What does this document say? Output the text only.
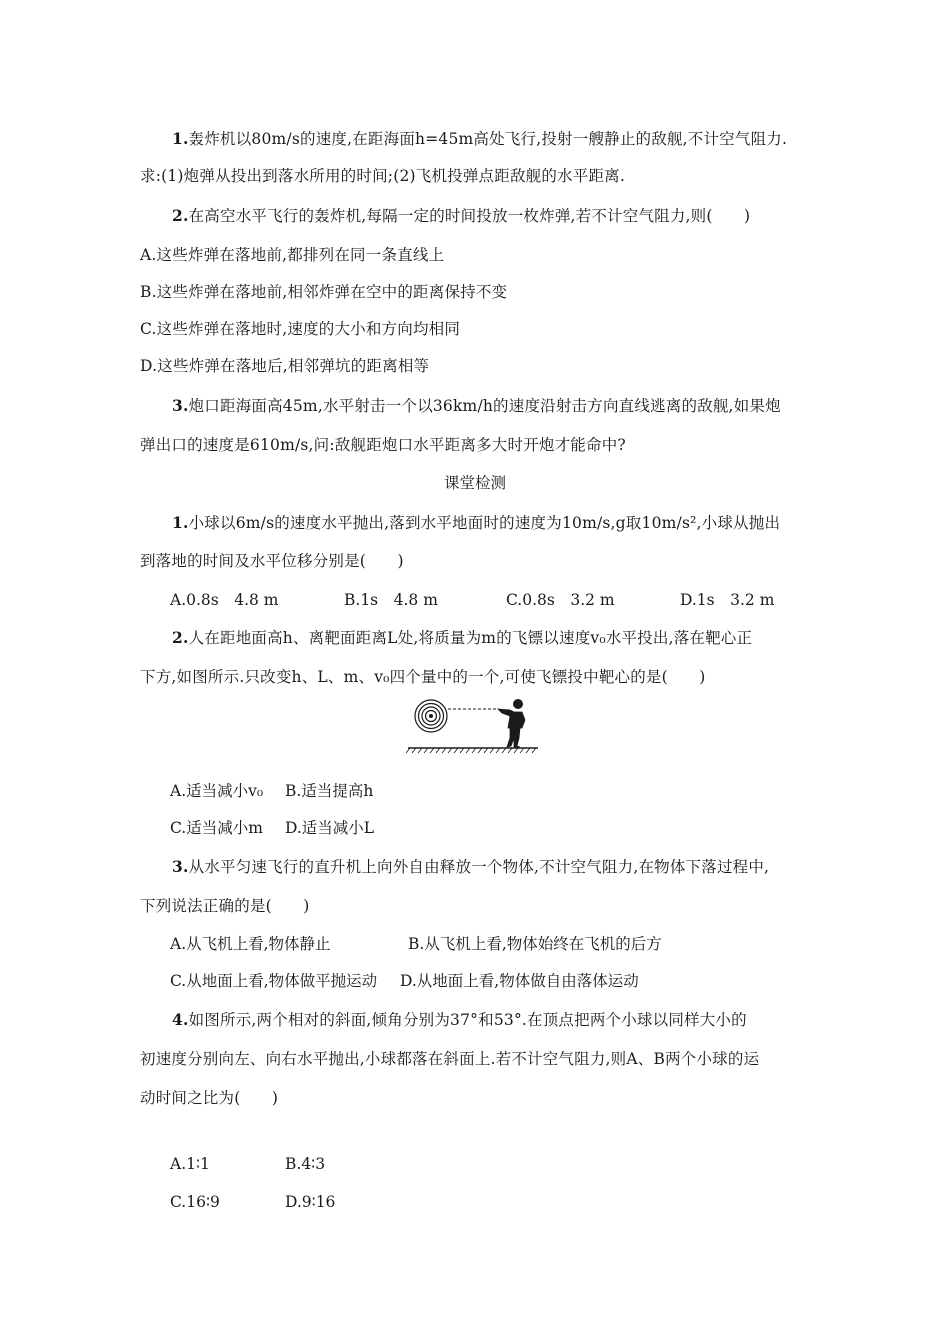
1.轰炸机以80m/s的速度,在距海面h=45m高处飞行,投射一艘静止的敌舰,不计空气阻力.
求:(1)炮弹从投出到落水所用的时间;(2)飞机投弹点距敌舰的水平距离.
2.在高空水平飞行的轰炸机,每隔一定的时间投放一枚炸弹,若不计空气阻力,则(　　)
A.这些炸弹在落地前,都排列在同一条直线上
B.这些炸弹在落地前,相邻炸弹在空中的距离保持不变
C.这些炸弹在落地时,速度的大小和方向均相同
D.这些炸弹在落地后,相邻弹坑的距离相等
3.炮口距海面高45m,水平射击一个以36km/h的速度沿射击方向直线逃离的敌舰,如果炮
弹出口的速度是610m/s,问:敌舰距炮口水平距离多大时开炮才能命中?
课堂检测
1.小球以6m/s的速度水平抛出,落到水平地面时的速度为10m/s,g取10m/s²,小球从抛出
到落地的时间及水平位移分别是(　　)
A.0.8s　4.8 m	B.1s　4.8 m	C.0.8s　3.2 m	D.1s　3.2 m
2.人在距地面高h、离靶面距离L处,将质量为m的飞镖以速度v₀水平投出,落在靶心正
下方,如图所示.只改变h、L、m、v₀四个量中的一个,可使飞镖投中靶心的是(　　)
A.适当减小v₀ B.适当提高h
C.适当减小m D.适当减小L
3.从水平匀速飞行的直升机上向外自由释放一个物体,不计空气阻力,在物体下落过程中,
下列说法正确的是(　　)
A.从飞机上看,物体静止	B.从飞机上看,物体始终在飞机的后方
C.从地面上看,物体做平抛运动 D.从地面上看,物体做自由落体运动
4.如图所示,两个相对的斜面,倾角分别为37°和53°.在顶点把两个小球以同样大小的
初速度分别向左、向右水平抛出,小球都落在斜面上.若不计空气阻力,则A、B两个小球的运
动时间之比为(　　)
A.1∶1	B.4∶3
C.16∶9	D.9∶16
